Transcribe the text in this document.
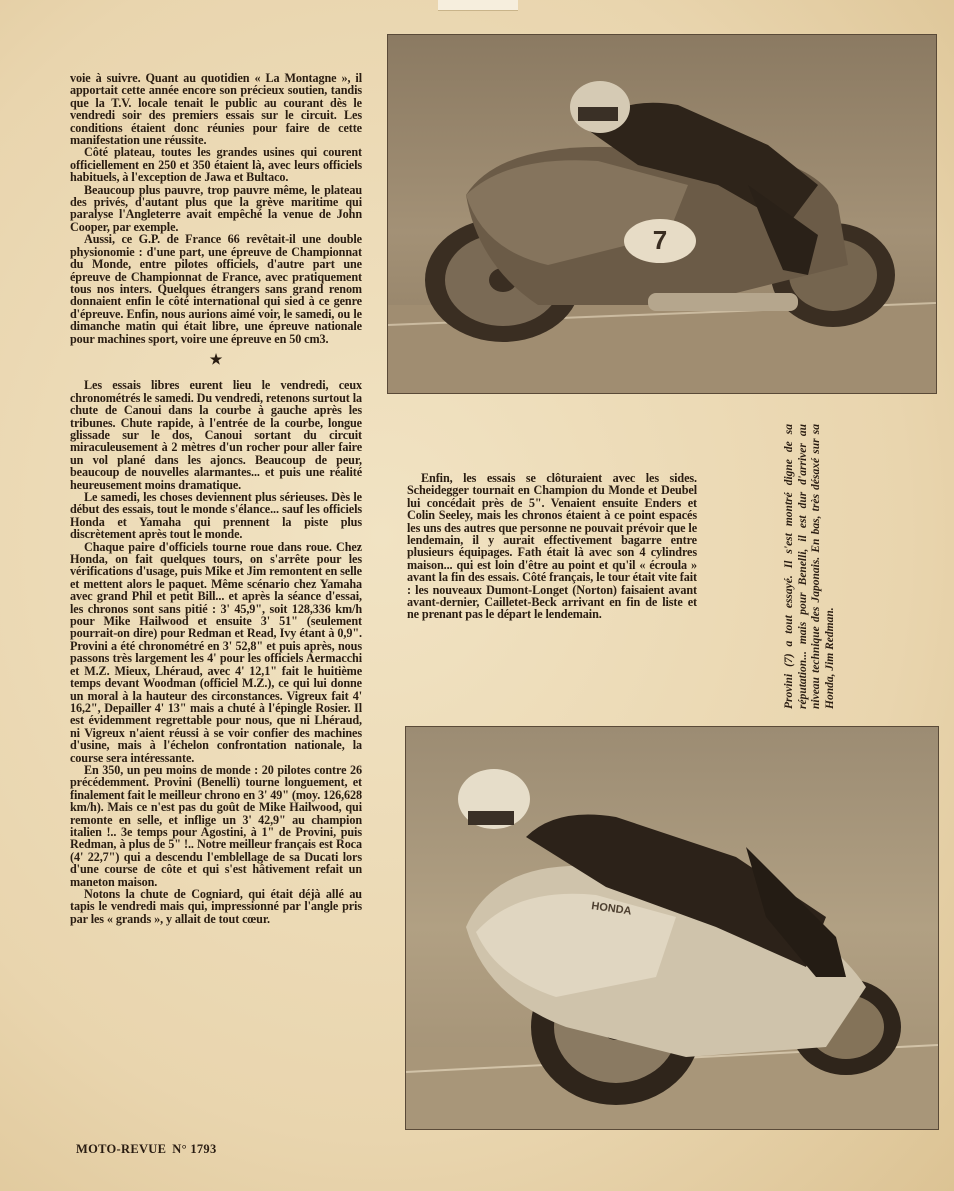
voie à suivre. Quant au quotidien « La Montagne », il apportait cette année encore son précieux soutien, tandis que la T.V. locale tenait le public au courant dès le vendredi soir des premiers essais sur le circuit. Les conditions étaient donc réunies pour faire de cette manifestation une réussite.

Côté plateau, toutes les grandes usines qui courent officiellement en 250 et 350 étaient là, avec leurs officiels habituels, à l'exception de Jawa et Bultaco.

Beaucoup plus pauvre, trop pauvre même, le plateau des privés, d'autant plus que la grève maritime qui paralyse l'Angleterre avait empêché la venue de John Cooper, par exemple.

Aussi, ce G.P. de France 66 revêtait-il une double physionomie : d'une part, une épreuve de Championnat du Monde, entre pilotes officiels, d'autre part une épreuve de Championnat de France, avec pratiquement tous nos inters. Quelques étrangers sans grand renom donnaient enfin le côté international qui sied à ce genre d'épreuve. Enfin, nous aurions aimé voir, le samedi, ou le dimanche matin qui était libre, une épreuve nationale pour machines sport, voire une épreuve en 50 cm3.

★

Les essais libres eurent lieu le vendredi, ceux chronométrés le samedi. Du vendredi, retenons surtout la chute de Canoui dans la courbe à gauche après les tribunes. Chute rapide, à l'entrée de la courbe, longue glissade sur le dos, Canoui sortant du circuit miraculeusement à 2 mètres d'un rocher pour aller faire un vol plané dans les ajoncs. Beaucoup de peur, beaucoup de nouvelles alarmantes... et puis une réalité heureusement moins dramatique.

Le samedi, les choses deviennent plus sérieuses. Dès le début des essais, tout le monde s'élance... sauf les officiels Honda et Yamaha qui prennent la piste plus discrètement après tout le monde.

Chaque paire d'officiels tourne roue dans roue. Chez Honda, on fait quelques tours, on s'arrête pour les vérifications d'usage, puis Mike et Jim remontent en selle et mettent alors le paquet. Même scénario chez Yamaha avec grand Phil et petit Bill... et après la séance d'essai, les chronos sont sans pitié : 3' 45,9", soit 128,336 km/h pour Mike Hailwood et ensuite 3' 51" (seulement pourrait-on dire) pour Redman et Read, Ivy étant à 0,9". Provini a été chronométré en 3' 52,8" et puis après, nous passons très largement les 4' pour les officiels Aermacchi et M.Z. Mieux, Lhéraud, avec 4' 12,1" fait le huitième temps devant Woodman (officiel M.Z.), ce qui lui donne un moral à la hauteur des circonstances. Vigreux fait 4' 16,2", Depailler 4' 13" mais a chuté à l'épingle Rosier. Il est évidemment regrettable pour nous, que ni Lhéraud, ni Vigreux n'aient réussi à se voir confier des machines d'usine, mais à l'échelon confrontation nationale, la course sera intéressante.

En 350, un peu moins de monde : 20 pilotes contre 26 précédemment. Provini (Benelli) tourne longuement, et finalement fait le meilleur chrono en 3' 49" (moy. 126,628 km/h). Mais ce n'est pas du goût de Mike Hailwood, qui remonte en selle, et inflige un 3' 42,9" au champion italien !.. 3e temps pour Agostini, à 1" de Provini, puis Redman, à plus de 5" !.. Notre meilleur français est Roca (4' 22,7") qui a descendu l'emblellage de sa Ducati lors d'une course de côte et qui s'est hâtivement refait un maneton maison.

Notons la chute de Cogniard, qui était déjà allé au tapis le vendredi mais qui, impressionné par l'angle pris par les « grands », y allait de tout cœur.

7

Enfin, les essais se clôturaient avec les sides. Scheidegger tournait en Champion du Monde et Deubel lui concédait près de 5". Venaient ensuite Enders et Colin Seeley, mais les chronos étaient à ce point espacés les uns des autres que personne ne pouvait prévoir que le lendemain, il y aurait effectivement bagarre entre plusieurs équipages. Fath était là avec son 4 cylindres maison... qui est loin d'être au point et qu'il « écroula » avant la fin des essais. Côté français, le tour était vite fait : les nouveaux Dumont-Longet (Norton) faisaient avant avant-dernier, Cailletet-Beck arrivant en fin de liste et ne prenant pas le départ le lendemain.	Provini (7) a tout essayé. Il s'est montré digne de sa réputation... mais pour Benelli, il est dur d'arriver au niveau technique des Japonais. En bas, très désaxé sur sa Honda, Jim Redman.
HONDA
MOTO-REVUE N° 1793
